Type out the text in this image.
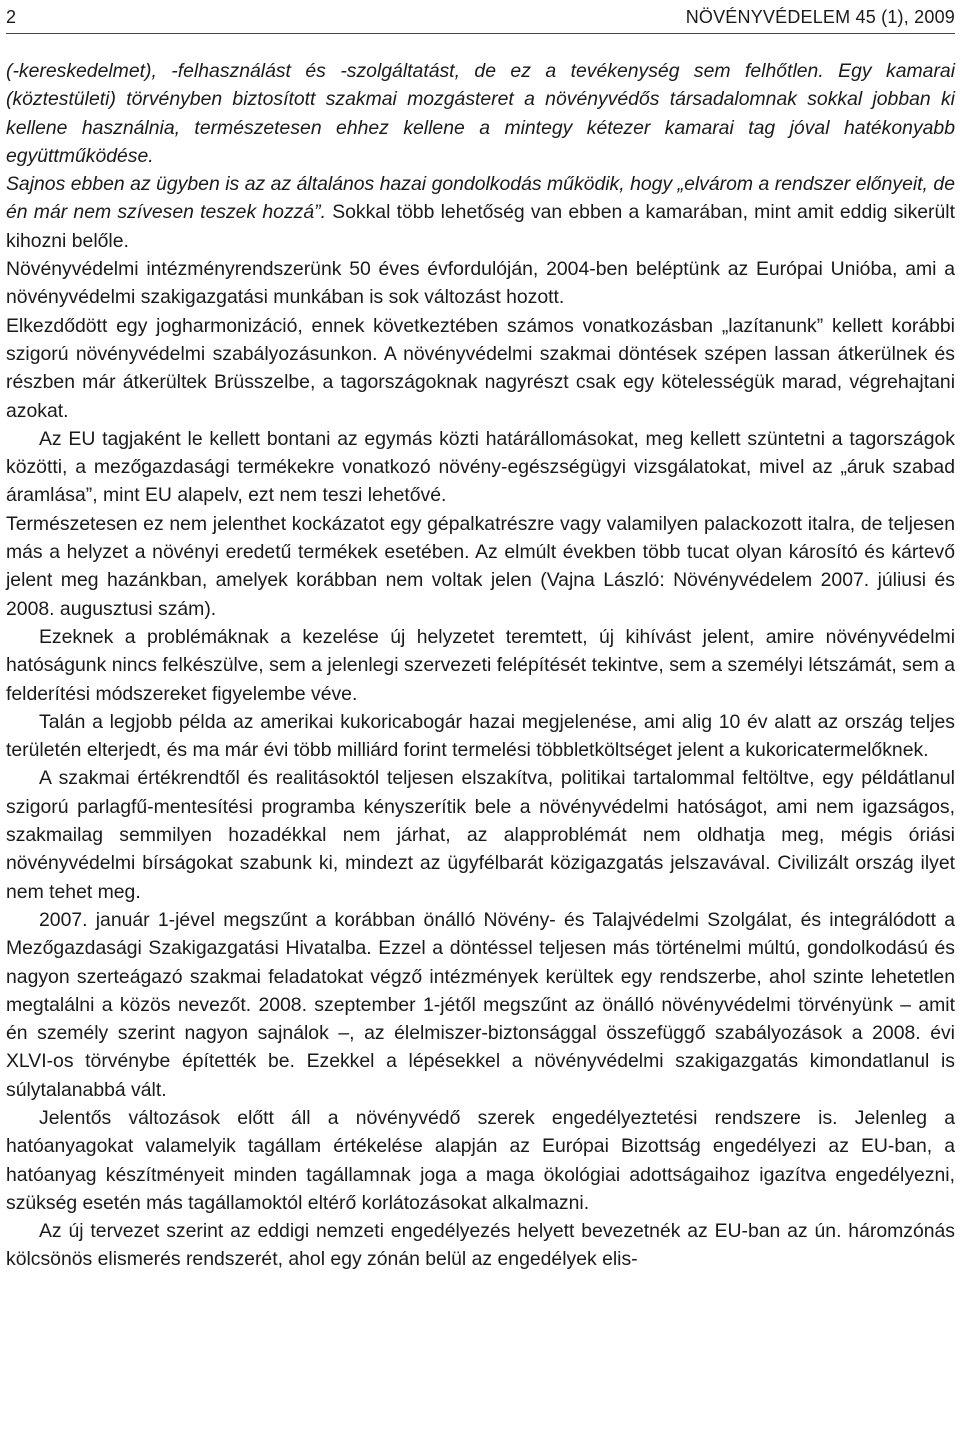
2	NÖVÉNYVÉDELEM 45 (1), 2009

(-kereskedelmet), -felhasználást és -szolgáltatást, de ez a tevékenység sem felhőtlen. Egy kamarai (köztestületi) törvényben biztosított szakmai mozgásteret a növényvédős társadalomnak sokkal jobban ki kellene használnia, természetesen ehhez kellene a mintegy kétezer kamarai tag jóval hatékonyabb együttműködése.

Sajnos ebben az ügyben is az az általános hazai gondolkodás működik, hogy „elvárom a rendszer előnyeit, de én már nem szívesen teszek hozzá”. Sokkal több lehetőség van ebben a kamarában, mint amit eddig sikerült kihozni belőle.

Növényvédelmi intézményrendszerünk 50 éves évfordulóján, 2004-ben beléptünk az Európai Unióba, ami a növényvédelmi szakigazgatási munkában is sok változást hozott.

Elkezdődött egy jogharmonizáció, ennek következtében számos vonatkozásban „lazítanunk” kellett korábbi szigorú növényvédelmi szabályozásunkon. A növényvédelmi szakmai döntések szépen lassan átkerülnek és részben már átkerültek Brüsszelbe, a tagországoknak nagyrészt csak egy kötelességük marad, végrehajtani azokat.

Az EU tagjaként le kellett bontani az egymás közti határállomásokat, meg kellett szüntetni a tagországok közötti, a mezőgazdasági termékekre vonatkozó növény-egészségügyi vizsgálatokat, mivel az „áruk szabad áramlása”, mint EU alapelv, ezt nem teszi lehetővé.

Természetesen ez nem jelenthet kockázatot egy gépalkatrészre vagy valamilyen palackozott italra, de teljesen más a helyzet a növényi eredetű termékek esetében. Az elmúlt években több tucat olyan károsító és kártevő jelent meg hazánkban, amelyek korábban nem voltak jelen (Vajna László: Növényvédelem 2007. júliusi és 2008. augusztusi szám).

Ezeknek a problémáknak a kezelése új helyzetet teremtett, új kihívást jelent, amire növényvédelmi hatóságunk nincs felkészülve, sem a jelenlegi szervezeti felépítését tekintve, sem a személyi létszámát, sem a felderítési módszereket figyelembe véve.

Talán a legjobb példa az amerikai kukoricabogár hazai megjelenése, ami alig 10 év alatt az ország teljes területén elterjedt, és ma már évi több milliárd forint termelési többletköltséget jelent a kukoricatermelőknek.

A szakmai értékrendtől és realitásoktól teljesen elszakítva, politikai tartalommal feltöltve, egy példátlanul szigorú parlagfű-mentesítési programba kényszerítik bele a növényvédelmi hatóságot, ami nem igazságos, szakmailag semmilyen hozadékkal nem járhat, az alapproblémát nem oldhatja meg, mégis óriási növényvédelmi bírságokat szabunk ki, mindezt az ügyfélbarát közigazgatás jelszavával. Civilizált ország ilyet nem tehet meg.

2007. január 1-jével megszűnt a korábban önálló Növény- és Talajvédelmi Szolgálat, és integrálódott a Mezőgazdasági Szakigazgatási Hivatalba. Ezzel a döntéssel teljesen más történelmi múltú, gondolkodású és nagyon szerteágazó szakmai feladatokat végző intézmények kerültek egy rendszerbe, ahol szinte lehetetlen megtalálni a közös nevezőt. 2008. szeptember 1-jétől megszűnt az önálló növényvédelmi törvényünk – amit én személy szerint nagyon sajnálok –, az élelmiszer-biztonsággal összefüggő szabályozások a 2008. évi XLVI-os törvénybe építették be. Ezekkel a lépésekkel a növényvédelmi szakigazgatás kimondatlanul is súlytalanabbá vált.

Jelentős változások előtt áll a növényvédő szerek engedélyeztetési rendszere is. Jelenleg a hatóanyagokat valamelyik tagállam értékelése alapján az Európai Bizottság engedélyezi az EU-ban, a hatóanyag készítményeit minden tagállamnak joga a maga ökológiai adottságaihoz igazítva engedélyezni, szükség esetén más tagállamoktól eltérő korlátozásokat alkalmazni.

Az új tervezet szerint az eddigi nemzeti engedélyezés helyett bevezetnék az EU-ban az ún. háromzónás kölcsönös elismerés rendszerét, ahol egy zónán belül az engedélyek elis-
